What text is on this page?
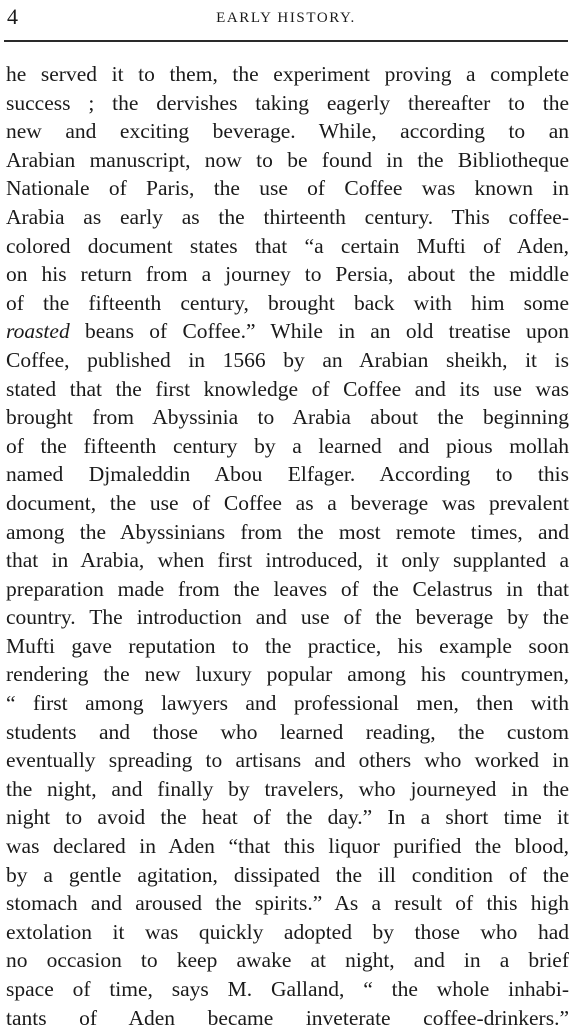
4	EARLY HISTORY.
he served it to them, the experiment proving a complete
success ; the dervishes taking eagerly thereafter to the
new and exciting beverage. While, according to an
Arabian manuscript, now to be found in the Bibliotheque
Nationale of Paris, the use of Coffee was known in
Arabia as early as the thirteenth century. This coffee-
colored document states that “a certain Mufti of Aden,
on his return from a journey to Persia, about the middle
of the fifteenth century, brought back with him some
roasted beans of Coffee.” While in an old treatise upon
Coffee, published in 1566 by an Arabian sheikh, it is
stated that the first knowledge of Coffee and its use was
brought from Abyssinia to Arabia about the beginning
of the fifteenth century by a learned and pious mollah
named Djmaleddin Abou Elfager. According to this
document, the use of Coffee as a beverage was prevalent
among the Abyssinians from the most remote times, and
that in Arabia, when first introduced, it only supplanted a
preparation made from the leaves of the Celastrus in that
country. The introduction and use of the beverage by the
Mufti gave reputation to the practice, his example soon
rendering the new luxury popular among his countrymen,
“ first among lawyers and professional men, then with
students and those who learned reading, the custom
eventually spreading to artisans and others who worked in
the night, and finally by travelers, who journeyed in the
night to avoid the heat of the day.” In a short time it
was declared in Aden “that this liquor purified the blood,
by a gentle agitation, dissipated the ill condition of the
stomach and aroused the spirits.” As a result of this high
extolation it was quickly adopted by those who had
no occasion to keep awake at night, and in a brief
space of time, says M. Galland, “ the whole inhabi-
tants of Aden became inveterate coffee-drinkers.”
